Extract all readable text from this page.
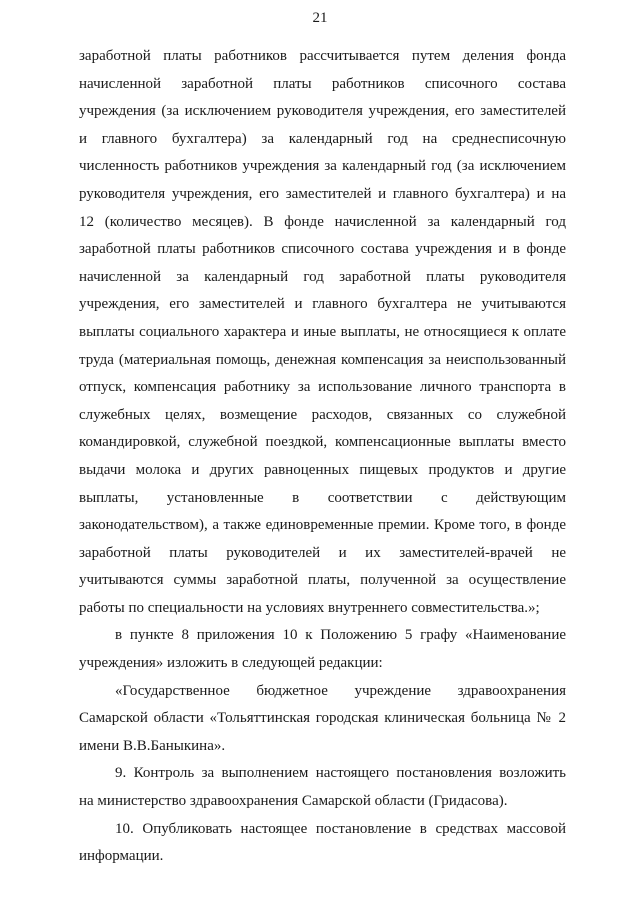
21
заработной платы работников рассчитывается путем деления фонда
начисленной заработной платы работников списочного состава
учреждения (за исключением руководителя учреждения, его заместителей
и главного бухгалтера) за календарный год на среднесписочную
численность работников учреждения за календарный год (за исключением
руководителя учреждения, его заместителей и главного бухгалтера) и на
12 (количество месяцев). В фонде начисленной за календарный год
заработной платы работников списочного состава учреждения и в фонде
начисленной за календарный год заработной платы руководителя
учреждения, его заместителей и главного бухгалтера не учитываются
выплаты социального характера и иные выплаты, не относящиеся к оплате
труда (материальная помощь, денежная компенсация за неиспользованный
отпуск, компенсация работнику за использование личного транспорта в
служебных целях, возмещение расходов, связанных со служебной
командировкой, служебной поездкой, компенсационные выплаты вместо
выдачи молока и других равноценных пищевых продуктов и другие
выплаты, установленные в соответствии с действующим
законодательством), а также единовременные премии. Кроме того, в фонде
заработной платы руководителей и их заместителей-врачей не
учитываются суммы заработной платы, полученной за осуществление
работы по специальности на условиях внутреннего совместительства.»;
в пункте 8 приложения 10 к Положению 5 графу «Наименование
учреждения» изложить в следующей редакции:
«Государственное бюджетное учреждение здравоохранения
Самарской области «Тольяттинская городская клиническая больница № 2
имени В.В.Баныкина».
9. Контроль за выполнением настоящего постановления возложить
на министерство здравоохранения Самарской области (Гридасова).
10. Опубликовать настоящее постановление в средствах массовой
информации.
